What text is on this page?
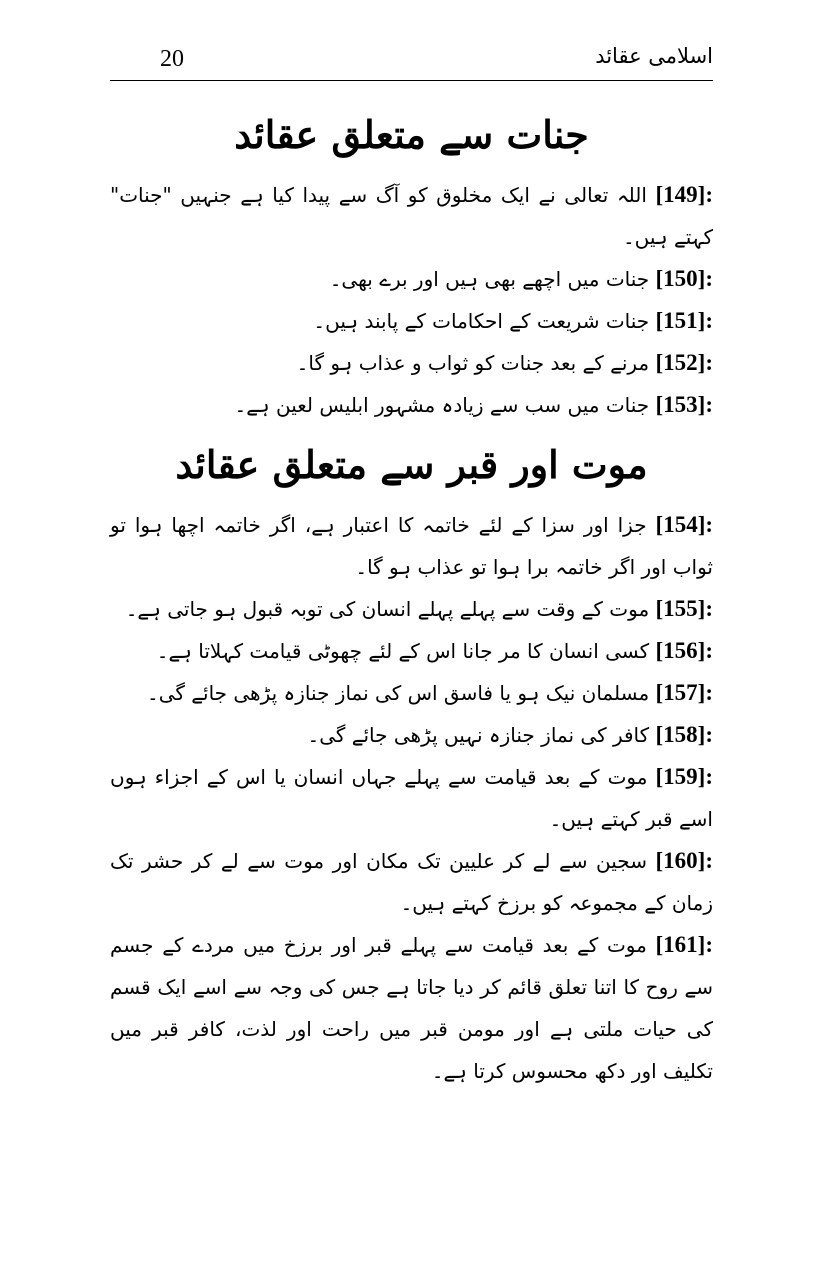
20	اسلامی عقائد
جنات سے متعلق عقائد

[149]: اللہ تعالی نے ایک مخلوق کو آگ سے پیدا کیا ہے جنہیں "جنات" کہتے ہیں۔

[150]: جنات میں اچھے بھی ہیں اور برے بھی۔

[151]: جنات شریعت کے احکامات کے پابند ہیں۔

[152]: مرنے کے بعد جنات کو ثواب و عذاب ہو گا۔

[153]: جنات میں سب سے زیادہ مشہور ابلیس لعین ہے۔

موت اور قبر سے متعلق عقائد

[154]: جزا اور سزا کے لئے خاتمہ کا اعتبار ہے، اگر خاتمہ اچھا ہوا تو ثواب اور اگر خاتمہ برا ہوا تو عذاب ہو گا۔

[155]: موت کے وقت سے پہلے پہلے انسان کی توبہ قبول ہو جاتی ہے۔

[156]: کسی انسان کا مر جانا اس کے لئے چھوٹی قیامت کہلاتا ہے۔

[157]: مسلمان نیک ہو یا فاسق اس کی نماز جنازہ پڑھی جائے گی۔

[158]: کافر کی نماز جنازہ نہیں پڑھی جائے گی۔

[159]: موت کے بعد قیامت سے پہلے جہاں انسان یا اس کے اجزاء ہوں اسے قبر کہتے ہیں۔

[160]: سجین سے لے کر علیین تک مکان اور موت سے لے کر حشر تک زمان کے مجموعہ کو برزخ کہتے ہیں۔

[161]: موت کے بعد قیامت سے پہلے قبر اور برزخ میں مردے کے جسم سے روح کا اتنا تعلق قائم کر دیا جاتا ہے جس کی وجہ سے اسے ایک قسم کی حیات ملتی ہے اور مومن قبر میں راحت اور لذت، کافر قبر میں تکلیف اور دکھ محسوس کرتا ہے۔
